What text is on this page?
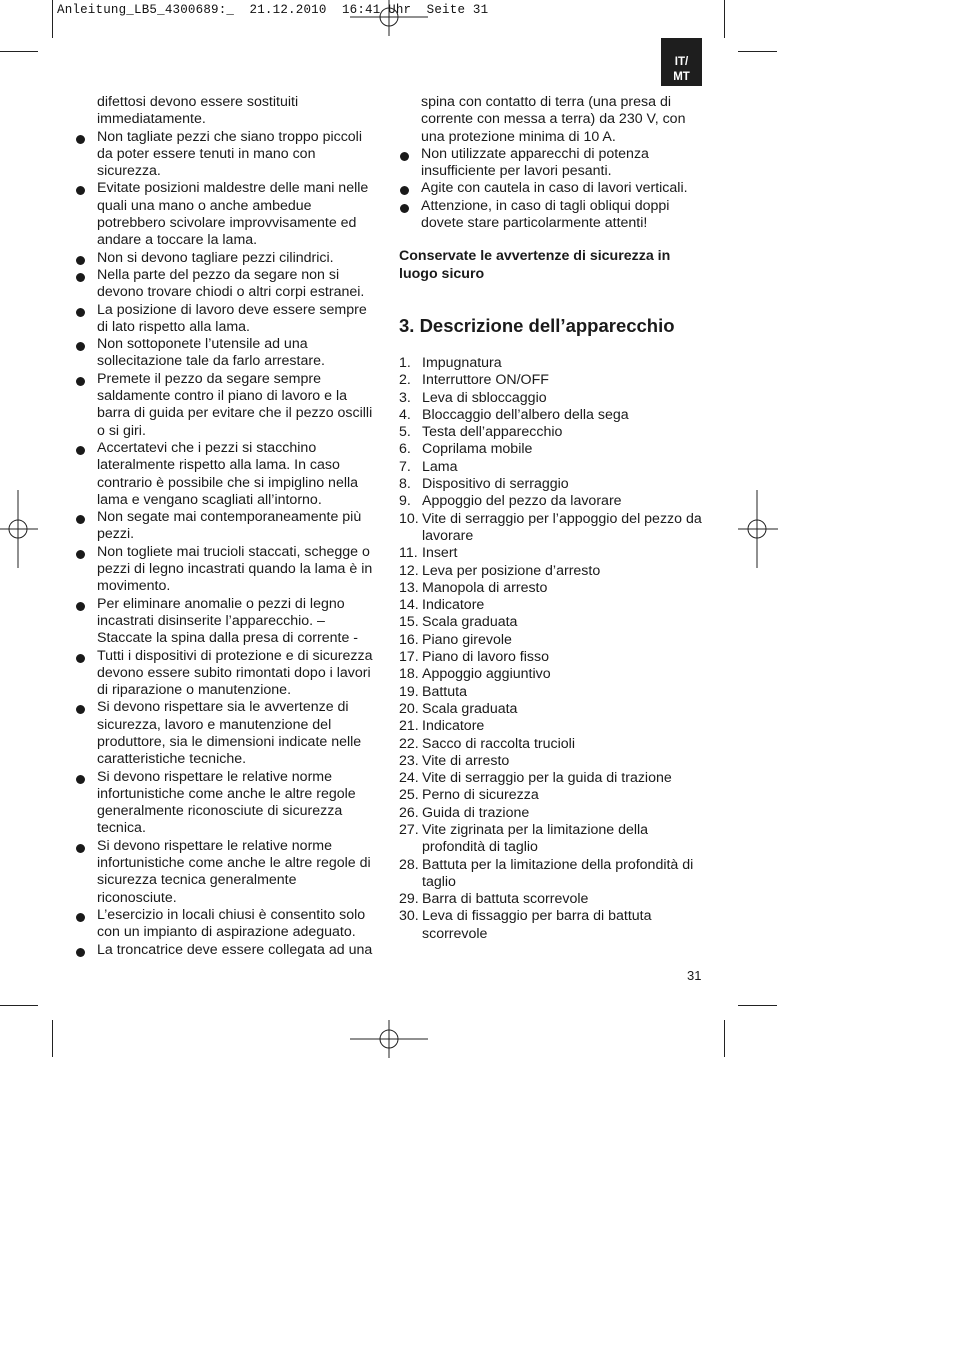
Anleitung_LB5_4300689:_  21.12.2010  16:41 Uhr  Seite 31
IT/
MT
difettosi devono essere sostituiti immediatamente.
Non tagliate pezzi che siano troppo piccoli da poter essere tenuti in mano con sicurezza.
Evitate posizioni maldestre delle mani nelle quali una mano o anche ambedue potrebbero scivolare improvvisamente ed andare a toccare la lama.
Non si devono tagliare pezzi cilindrici.
Nella parte del pezzo da segare non si devono trovare chiodi o altri corpi estranei.
La posizione di lavoro deve essere sempre di lato rispetto alla lama.
Non sottoponete l’utensile ad una sollecitazione tale da farlo arrestare.
Premete il pezzo da segare sempre saldamente contro il piano di lavoro e la barra di guida per evitare che il pezzo oscilli o si giri.
Accertatevi che i pezzi si stacchino lateralmente rispetto alla lama. In caso contrario è possibile che si impiglino nella lama e vengano scagliati all’intorno.
Non segate mai contemporaneamente più pezzi.
Non togliete mai trucioli staccati, schegge o pezzi di legno incastrati quando la lama è in movimento.
Per eliminare anomalie o pezzi di legno incastrati disinserite l’apparecchio. – Staccate la spina dalla presa di corrente -
Tutti i dispositivi di protezione e di sicurezza devono essere subito rimontati dopo i lavori di riparazione o manutenzione.
Si devono rispettare sia le avvertenze di sicurezza, lavoro e manutenzione del produttore, sia le dimensioni indicate nelle caratteristiche tecniche.
Si devono rispettare le relative norme infortunistiche come anche le altre regole generalmente riconosciute di sicurezza tecnica.
Si devono rispettare le relative norme infortunistiche come anche le altre regole di sicurezza tecnica generalmente riconosciute.
L’esercizio in locali chiusi è consentito solo con un impianto di aspirazione adeguato.
La troncatrice deve essere collegata ad una
spina con contatto di terra (una presa di corrente con messa a terra) da 230 V, con una protezione minima di 10 A.
Non utilizzate apparecchi di potenza insufficiente per lavori pesanti.
Agite con cautela in caso di lavori verticali.
Attenzione, in caso di tagli obliqui doppi dovete stare particolarmente attenti!
Conservate le avvertenze di sicurezza in luogo sicuro
3. Descrizione dell’apparecchio
1. Impugnatura
2. Interruttore ON/OFF
3. Leva di sbloccaggio
4. Bloccaggio dell’albero della sega
5. Testa dell’apparecchio
6. Coprilama mobile
7. Lama
8. Dispositivo di serraggio
9. Appoggio del pezzo da lavorare
10. Vite di serraggio per l’appoggio del pezzo da lavorare
11. Insert
12. Leva per posizione d’arresto
13. Manopola di arresto
14. Indicatore
15. Scala graduata
16. Piano girevole
17. Piano di lavoro fisso
18. Appoggio aggiuntivo
19. Battuta
20. Scala graduata
21. Indicatore
22. Sacco di raccolta trucioli
23. Vite di arresto
24. Vite di serraggio per la guida di trazione
25. Perno di sicurezza
26. Guida di trazione
27. Vite zigrinata per la limitazione della profondità di taglio
28. Battuta per la limitazione della profondità di taglio
29. Barra di battuta scorrevole
30. Leva di fissaggio per barra di battuta scorrevole
31
